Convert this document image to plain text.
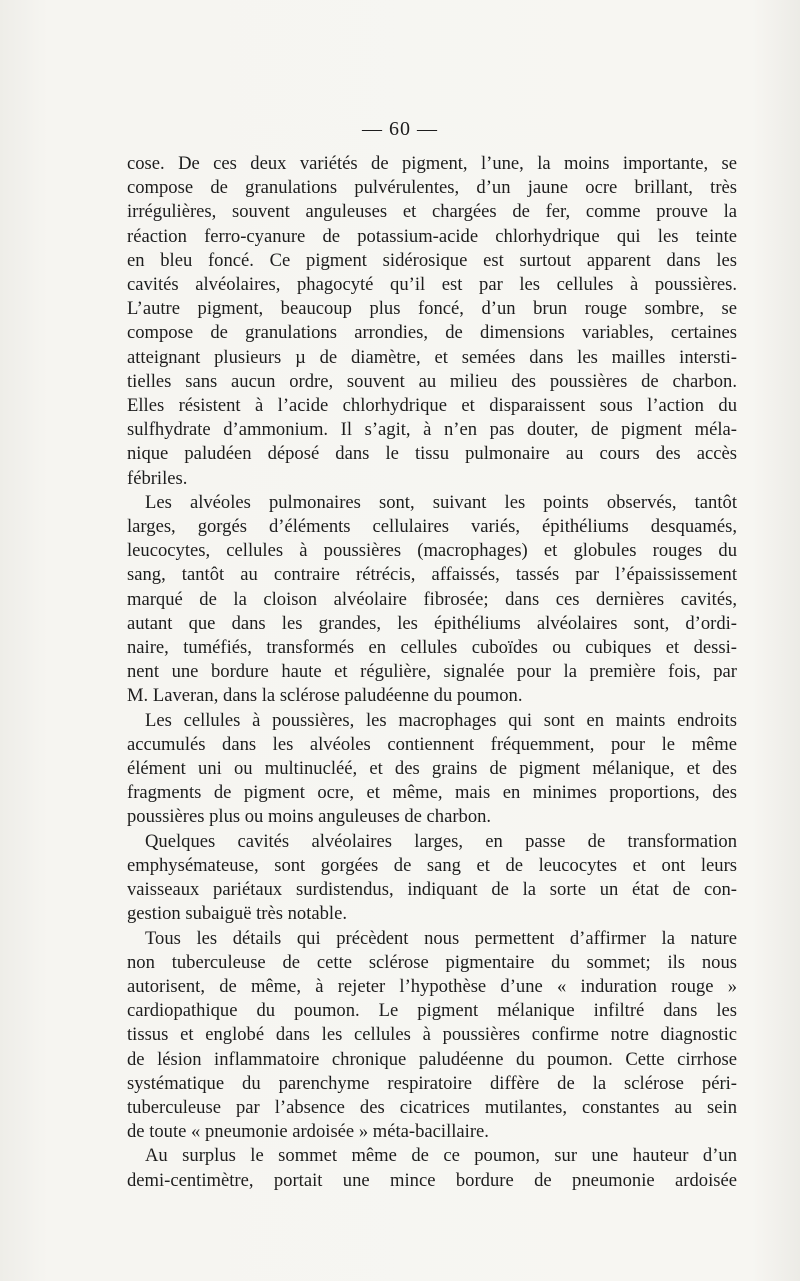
— 60 —

cose. De ces deux variétés de pigment, l’une, la moins importante, se
compose de granulations pulvérulentes, d’un jaune ocre brillant, très
irrégulières, souvent anguleuses et chargées de fer, comme prouve la
réaction ferro-cyanure de potassium-acide chlorhydrique qui les teinte
en bleu foncé. Ce pigment sidérosique est surtout apparent dans les
cavités alvéolaires, phagocyté qu’il est par les cellules à poussières.
L’autre pigment, beaucoup plus foncé, d’un brun rouge sombre, se
compose de granulations arrondies, de dimensions variables, certaines
atteignant plusieurs µ de diamètre, et semées dans les mailles intersti-
tielles sans aucun ordre, souvent au milieu des poussières de charbon.
Elles résistent à l’acide chlorhydrique et disparaissent sous l’action du
sulfhydrate d’ammonium. Il s’agit, à n’en pas douter, de pigment méla-
nique paludéen déposé dans le tissu pulmonaire au cours des accès
fébriles.

Les alvéoles pulmonaires sont, suivant les points observés, tantôt
larges, gorgés d’éléments cellulaires variés, épithéliums desquamés,
leucocytes, cellules à poussières (macrophages) et globules rouges du
sang, tantôt au contraire rétrécis, affaissés, tassés par l’épaississement
marqué de la cloison alvéolaire fibrosée; dans ces dernières cavités,
autant que dans les grandes, les épithéliums alvéolaires sont, d’ordi-
naire, tuméfiés, transformés en cellules cuboïdes ou cubiques et dessi-
nent une bordure haute et régulière, signalée pour la première fois, par
M. Laveran, dans la sclérose paludéenne du poumon.

Les cellules à poussières, les macrophages qui sont en maints endroits
accumulés dans les alvéoles contiennent fréquemment, pour le même
élément uni ou multinucléé, et des grains de pigment mélanique, et des
fragments de pigment ocre, et même, mais en minimes proportions, des
poussières plus ou moins anguleuses de charbon.

Quelques cavités alvéolaires larges, en passe de transformation
emphysémateuse, sont gorgées de sang et de leucocytes et ont leurs
vaisseaux pariétaux surdistendus, indiquant de la sorte un état de con-
gestion subaiguë très notable.

Tous les détails qui précèdent nous permettent d’affirmer la nature
non tuberculeuse de cette sclérose pigmentaire du sommet; ils nous
autorisent, de même, à rejeter l’hypothèse d’une « induration rouge »
cardiopathique du poumon. Le pigment mélanique infiltré dans les
tissus et englobé dans les cellules à poussières confirme notre diagnostic
de lésion inflammatoire chronique paludéenne du poumon. Cette cirrhose
systématique du parenchyme respiratoire diffère de la sclérose péri-
tuberculeuse par l’absence des cicatrices mutilantes, constantes au sein
de toute « pneumonie ardoisée » méta-bacillaire.

Au surplus le sommet même de ce poumon, sur une hauteur d’un
demi-centimètre, portait une mince bordure de pneumonie ardoisée
